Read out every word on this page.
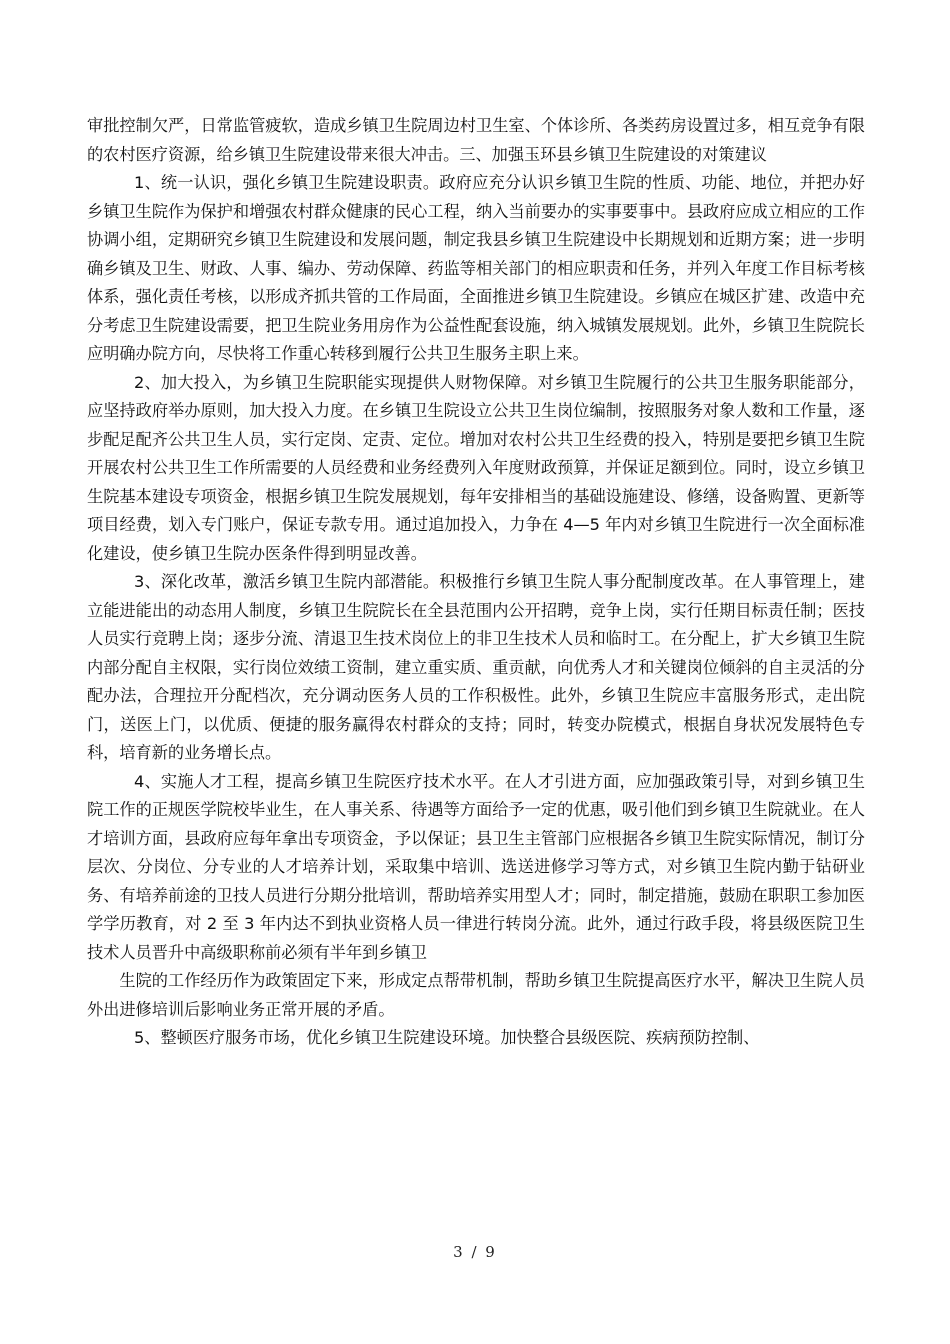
审批控制欠严，日常监管疲软，造成乡镇卫生院周边村卫生室、个体诊所、各类药房设置过多，相互竞争有限的农村医疗资源，给乡镇卫生院建设带来很大冲击。三、加强玉环县乡镇卫生院建设的对策建议

1、统一认识，强化乡镇卫生院建设职责。政府应充分认识乡镇卫生院的性质、功能、地位，并把办好乡镇卫生院作为保护和增强农村群众健康的民心工程，纳入当前要办的实事要事中。县政府应成立相应的工作协调小组，定期研究乡镇卫生院建设和发展问题，制定我县乡镇卫生院建设中长期规划和近期方案；进一步明确乡镇及卫生、财政、人事、编办、劳动保障、药监等相关部门的相应职责和任务，并列入年度工作目标考核体系，强化责任考核，以形成齐抓共管的工作局面，全面推进乡镇卫生院建设。乡镇应在城区扩建、改造中充分考虑卫生院建设需要，把卫生院业务用房作为公益性配套设施，纳入城镇发展规划。此外，乡镇卫生院院长应明确办院方向，尽快将工作重心转移到履行公共卫生服务主职上来。

2、加大投入，为乡镇卫生院职能实现提供人财物保障。对乡镇卫生院履行的公共卫生服务职能部分，应坚持政府举办原则，加大投入力度。在乡镇卫生院设立公共卫生岗位编制，按照服务对象人数和工作量，逐步配足配齐公共卫生人员，实行定岗、定责、定位。增加对农村公共卫生经费的投入，特别是要把乡镇卫生院开展农村公共卫生工作所需要的人员经费和业务经费列入年度财政预算，并保证足额到位。同时，设立乡镇卫生院基本建设专项资金，根据乡镇卫生院发展规划，每年安排相当的基础设施建设、修缮，设备购置、更新等项目经费，划入专门账户，保证专款专用。通过追加投入，力争在 4—5 年内对乡镇卫生院进行一次全面标准化建设，使乡镇卫生院办医条件得到明显改善。

3、深化改革，激活乡镇卫生院内部潜能。积极推行乡镇卫生院人事分配制度改革。在人事管理上，建立能进能出的动态用人制度，乡镇卫生院院长在全县范围内公开招聘，竞争上岗，实行任期目标责任制；医技人员实行竞聘上岗；逐步分流、清退卫生技术岗位上的非卫生技术人员和临时工。在分配上，扩大乡镇卫生院内部分配自主权限，实行岗位效绩工资制，建立重实质、重贡献，向优秀人才和关键岗位倾斜的自主灵活的分配办法，合理拉开分配档次，充分调动医务人员的工作积极性。此外，乡镇卫生院应丰富服务形式，走出院门，送医上门，以优质、便捷的服务赢得农村群众的支持；同时，转变办院模式，根据自身状况发展特色专科，培育新的业务增长点。

4、实施人才工程，提高乡镇卫生院医疗技术水平。在人才引进方面，应加强政策引导，对到乡镇卫生院工作的正规医学院校毕业生，在人事关系、待遇等方面给予一定的优惠，吸引他们到乡镇卫生院就业。在人才培训方面，县政府应每年拿出专项资金，予以保证；县卫生主管部门应根据各乡镇卫生院实际情况，制订分层次、分岗位、分专业的人才培养计划，采取集中培训、选送进修学习等方式，对乡镇卫生院内勤于钻研业务、有培养前途的卫技人员进行分期分批培训，帮助培养实用型人才；同时，制定措施，鼓励在职职工参加医学学历教育，对 2 至 3 年内达不到执业资格人员一律进行转岗分流。此外，通过行政手段，将县级医院卫生技术人员晋升中高级职称前必须有半年到乡镇卫

生院的工作经历作为政策固定下来，形成定点帮带机制，帮助乡镇卫生院提高医疗水平，解决卫生院人员外出进修培训后影响业务正常开展的矛盾。

5、整顿医疗服务市场，优化乡镇卫生院建设环境。加快整合县级医院、疾病预防控制、

3 / 9
